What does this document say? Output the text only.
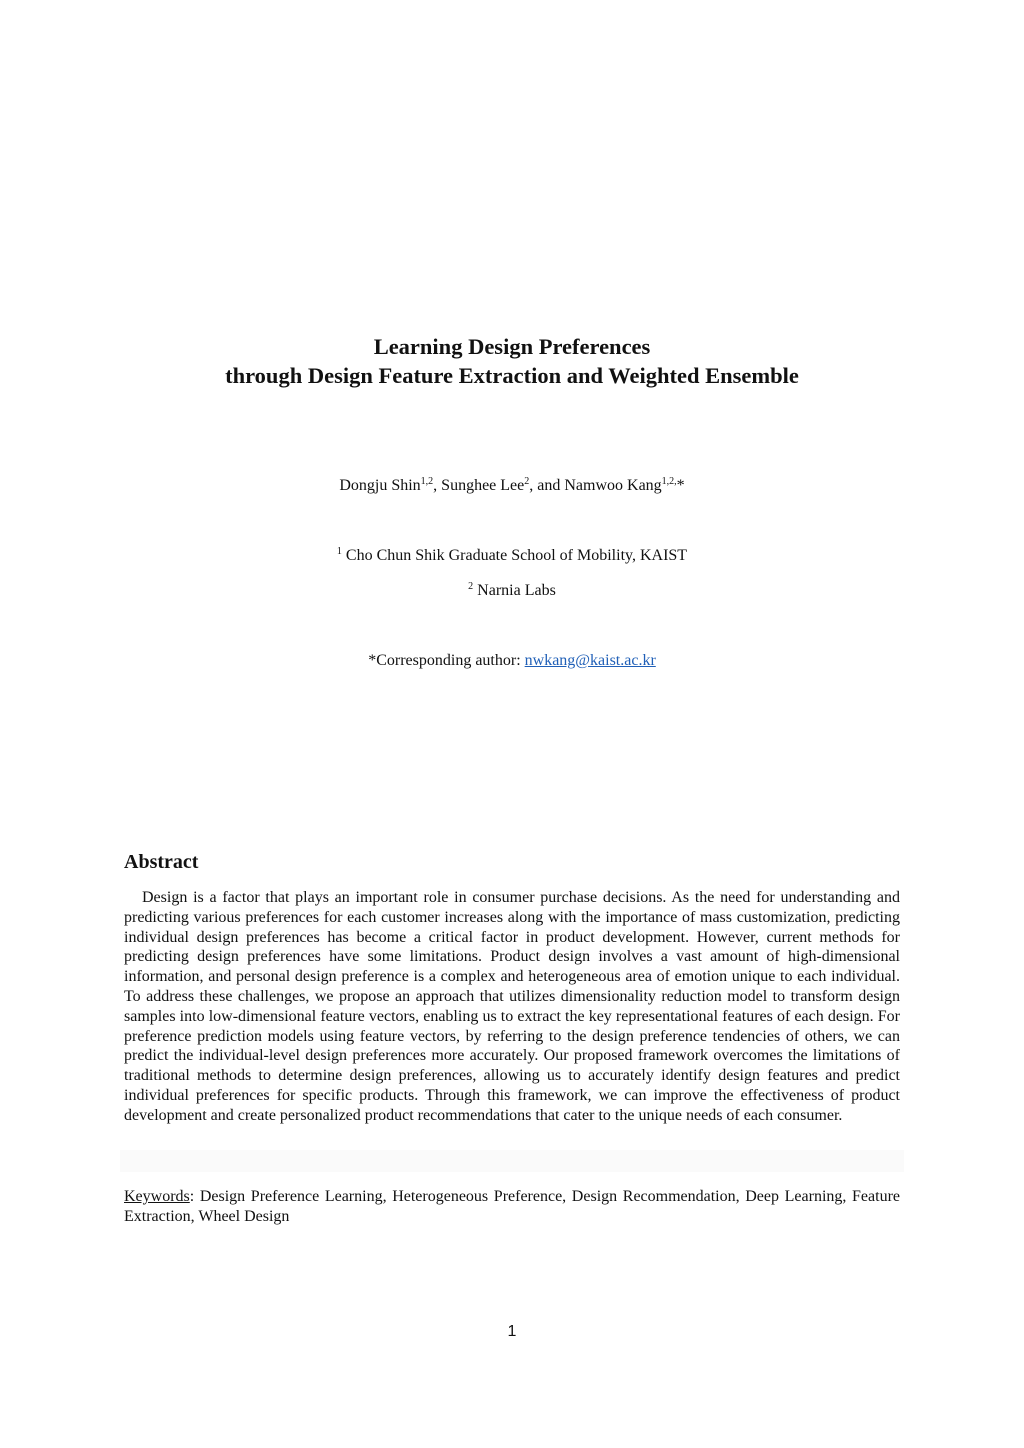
Learning Design Preferences
through Design Feature Extraction and Weighted Ensemble
Dongju Shin$^{1,2}$, Sunghee Lee$^2$, and Namwoo Kang$^{1,2,}$*
$^1$ Cho Chun Shik Graduate School of Mobility, KAIST
$^2$ Narnia Labs
*Corresponding author: nwkang@kaist.ac.kr
Abstract

Design is a factor that plays an important role in consumer purchase decisions. As the need for understanding and predicting various preferences for each customer increases along with the importance of mass customization, predicting individual design preferences has become a critical factor in product development. However, current methods for predicting design preferences have some limitations. Product design involves a vast amount of high-dimensional information, and personal design preference is a complex and heterogeneous area of emotion unique to each individual. To address these challenges, we propose an approach that utilizes dimensionality reduction model to transform design samples into low-dimensional feature vectors, enabling us to extract the key representational features of each design. For preference prediction models using feature vectors, by referring to the design preference tendencies of others, we can predict the individual-level design preferences more accurately. Our proposed framework overcomes the limitations of traditional methods to determine design preferences, allowing us to accurately identify design features and predict individual preferences for specific products. Through this framework, we can improve the effectiveness of product development and create personalized product recommendations that cater to the unique needs of each consumer.

Keywords: Design Preference Learning, Heterogeneous Preference, Design Recommendation, Deep Learning, Feature Extraction, Wheel Design

1
